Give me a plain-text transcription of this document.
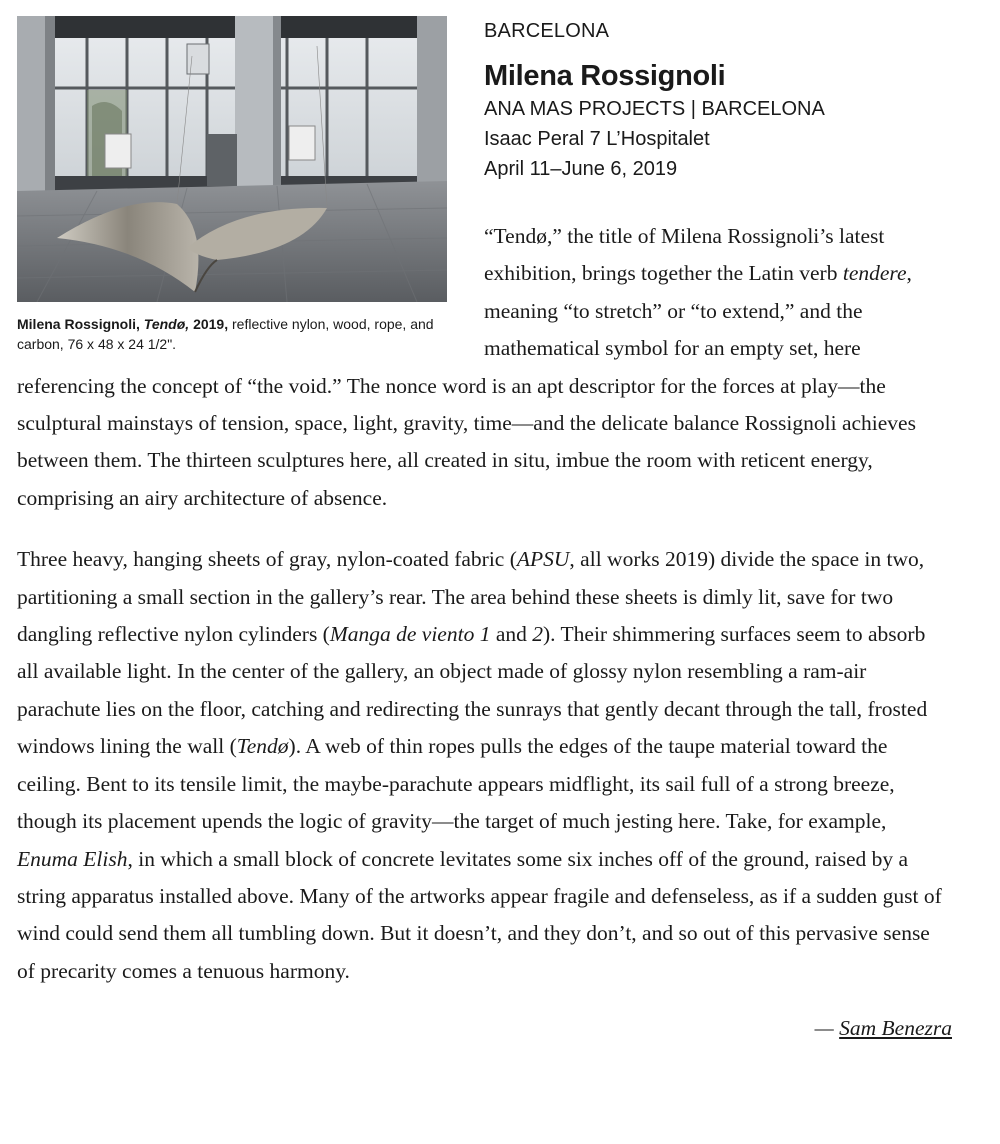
Milena Rossignoli, Tendø, 2019, reflective nylon, wood, rope, and carbon, 76 x 48 x 24 1/2".
BARCELONA
Milena Rossignoli
ANA MAS PROJECTS | BARCELONA
Isaac Peral 7 L’Hospitalet
April 11–June 6, 2019

“Tendø,” the title of Milena Rossignoli’s latest exhibition, brings together the Latin verb tendere, meaning “to stretch” or “to extend,” and the mathematical symbol for an empty set, here referencing the concept of “the void.” The nonce word is an apt descriptor for the forces at play—the sculptural mainstays of tension, space, light, gravity, time—and the delicate balance Rossignoli achieves between them. The thirteen sculptures here, all created in situ, imbue the room with reticent energy, comprising an airy architecture of absence.

Three heavy, hanging sheets of gray, nylon-coated fabric (APSU, all works 2019) divide the space in two, partitioning a small section in the gallery’s rear. The area behind these sheets is dimly lit, save for two dangling reflective nylon cylinders (Manga de viento 1 and 2). Their shimmering surfaces seem to absorb all available light. In the center of the gallery, an object made of glossy nylon resembling a ram-air parachute lies on the floor, catching and redirecting the sunrays that gently decant through the tall, frosted windows lining the wall (Tendø). A web of thin ropes pulls the edges of the taupe material toward the ceiling. Bent to its tensile limit, the maybe-parachute appears midflight, its sail full of a strong breeze, though its placement upends the logic of gravity—the target of much jesting here. Take, for example, Enuma Elish, in which a small block of concrete levitates some six inches off of the ground, raised by a string apparatus installed above. Many of the artworks appear fragile and defenseless, as if a sudden gust of wind could send them all tumbling down. But it doesn’t, and they don’t, and so out of this pervasive sense of precarity comes a tenuous harmony.

— Sam Benezra
